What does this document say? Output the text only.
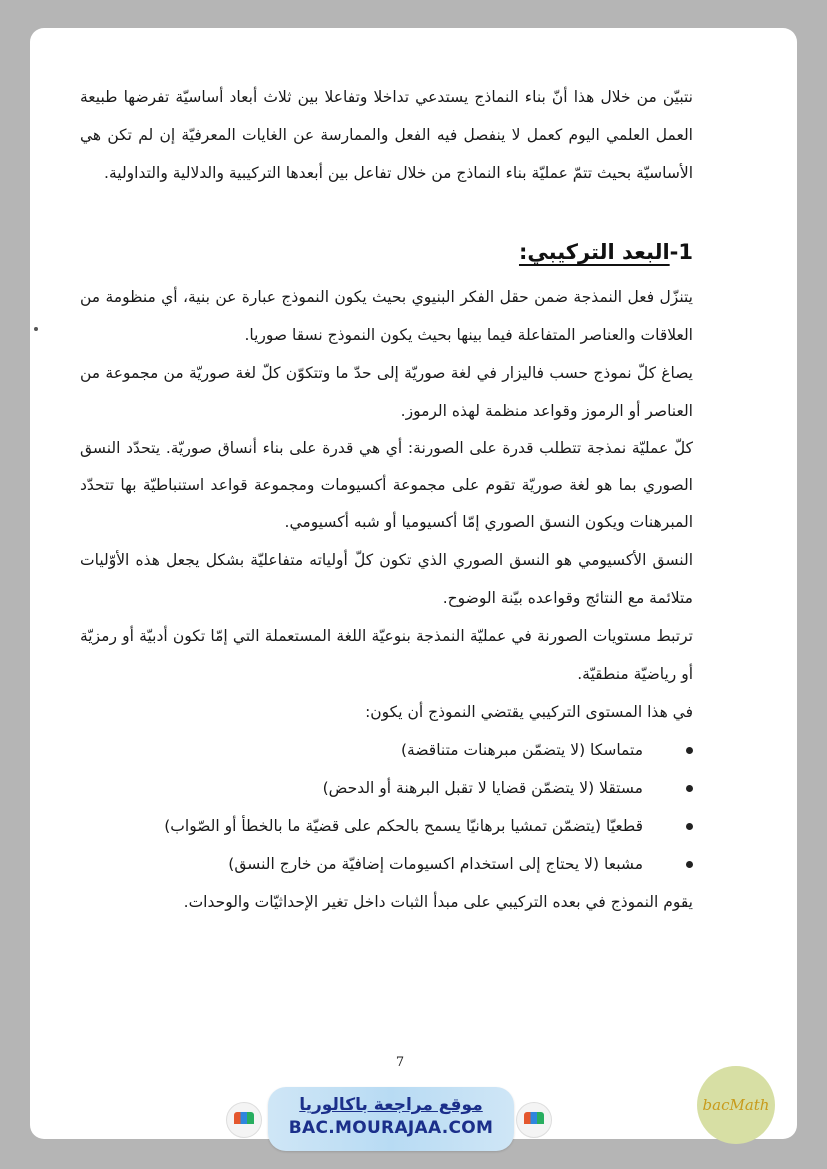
نتبيّن من خلال هذا أنّ بناء النماذج يستدعي تداخلا وتفاعلا بين ثلاث أبعاد أساسيّة تفرضها طبيعة العمل العلمي اليوم كعمل لا ينفصل فيه الفعل والممارسة عن الغايات المعرفيّة إن لم تكن هي الأساسيّة بحيث تتمّ عمليّة بناء النماذج من خلال تفاعل بين أبعدها التركيبية والدلالية والتداولية.

1-البعد التركيبي:

يتنزّل فعل النمذجة ضمن حقل الفكر البنيوي بحيث يكون النموذج عبارة عن بنية، أي منظومة من العلاقات والعناصر المتفاعلة فيما بينها بحيث يكون النموذج نسقا صوريا.

يصاغ كلّ نموذج حسب فاليزار في لغة صوريّة إلى حدّ ما وتتكوّن كلّ لغة صوريّة من مجموعة من العناصر أو الرموز وقواعد منظمة لهذه الرموز.

كلّ عمليّة نمذجة تتطلب قدرة على الصورنة: أي هي قدرة على بناء أنساق صوريّة. يتحدّد النسق الصوري بما هو لغة صوريّة تقوم على مجموعة أكسيومات ومجموعة قواعد استنباطيّة بها تتحدّد المبرهنات ويكون النسق الصوري إمّا أكسيوميا أو شبه أكسيومي.

النسق الأكسيومي هو النسق الصوري الذي تكون كلّ أولياته متفاعليّة بشكل يجعل هذه الأوّليات متلائمة مع النتائج وقواعده بيّنة الوضوح.

ترتبط مستويات الصورنة في عمليّة النمذجة بنوعيّة اللغة المستعملة التي إمّا تكون أدبيّة أو رمزيّة أو رياضيّة منطقيّة.

في هذا المستوى التركيبي يقتضي النموذج أن يكون:

متماسكا (لا يتضمّن مبرهنات متناقضة)
مستقلا (لا يتضمّن قضايا لا تقبل البرهنة أو الدحض)
قطعيّا (يتضمّن تمشيا برهانيّا يسمح بالحكم على قضيّة ما بالخطأ أو الصّواب)
مشبعا (لا يحتاج إلى استخدام اكسيومات إضافيّة من خارج النسق)

يقوم النموذج في بعده التركيبي على مبدأ الثبات داخل تغير الإحداثيّات والوحدات.

7
موقع مراجعة باكالوريا
BAC.MOURAJAA.COM
bacMath
